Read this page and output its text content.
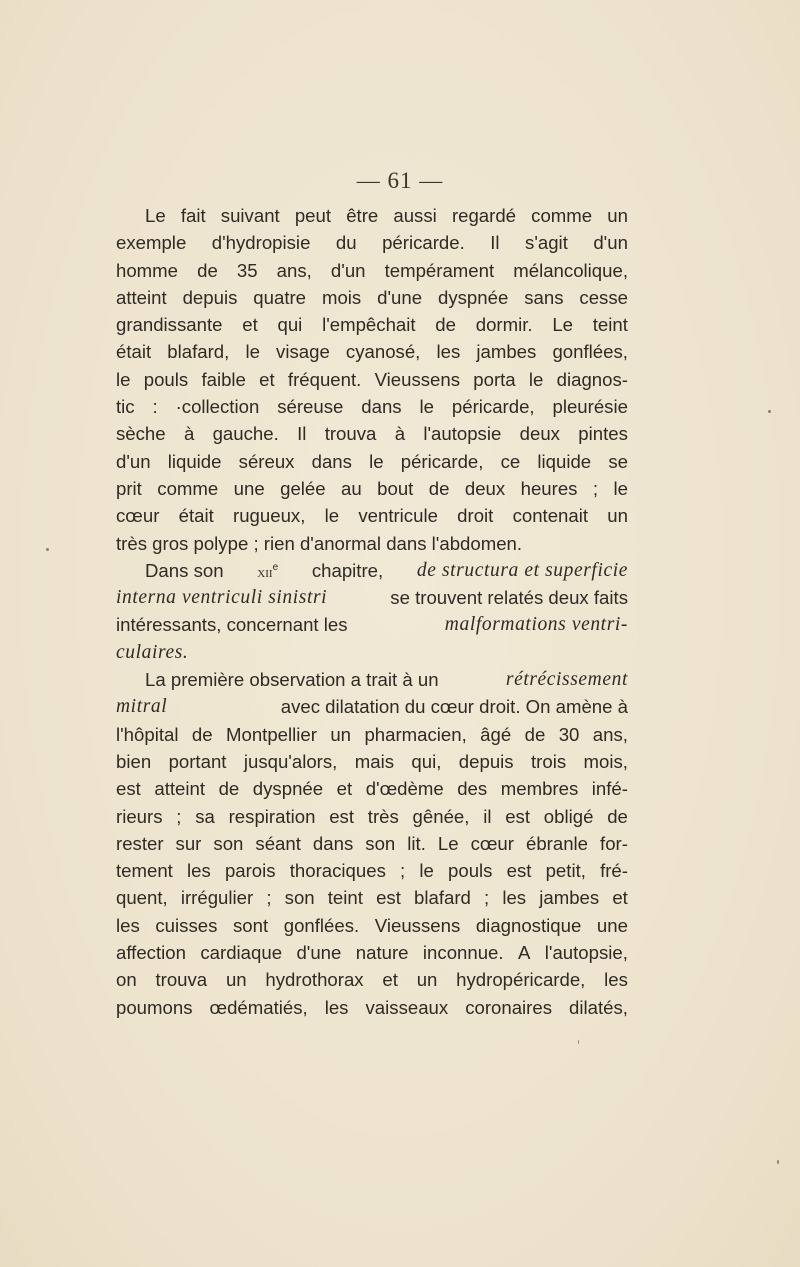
— 61 —
Le fait suivant peut être aussi regardé comme un
exemple d'hydropisie du péricarde. Il s'agit d'un
homme de 35 ans, d'un tempérament mélancolique,
atteint depuis quatre mois d'une dyspnée sans cesse
grandissante et qui l'empêchait de dormir. Le teint
était blafard, le visage cyanosé, les jambes gonflées,
le pouls faible et fréquent. Vieussens porta le diagnos-
tic : ·collection séreuse dans le péricarde, pleurésie
sèche à gauche. Il trouva à l'autopsie deux pintes
d'un liquide séreux dans le péricarde, ce liquide se
prit comme une gelée au bout de deux heures ; le
cœur était rugueux, le ventricule droit contenait un
très gros polype ; rien d'anormal dans l'abdomen.
Dans son xii$^e$ chapitre, de structura et superficie
interna ventriculi sinistri	se trouvent relatés deux faits
intéressants, concernant les	malformations ventri-
culaires.
La première observation a trait à un	rétrécissement
mitral	avec dilatation du cœur droit. On amène à
l'hôpital de Montpellier un pharmacien, âgé de 30 ans,
bien portant jusqu'alors, mais qui, depuis trois mois,
est atteint de dyspnée et d'œdème des membres infé-
rieurs ; sa respiration est très gênée, il est obligé de
rester sur son séant dans son lit. Le cœur ébranle for-
tement les parois thoraciques ; le pouls est petit, fré-
quent, irrégulier ; son teint est blafard ; les jambes et
les cuisses sont gonflées. Vieussens diagnostique une
affection cardiaque d'une nature inconnue. A l'autopsie,
on trouva un hydrothorax et un hydropéricarde, les
poumons œdématiés, les vaisseaux coronaires dilatés,
